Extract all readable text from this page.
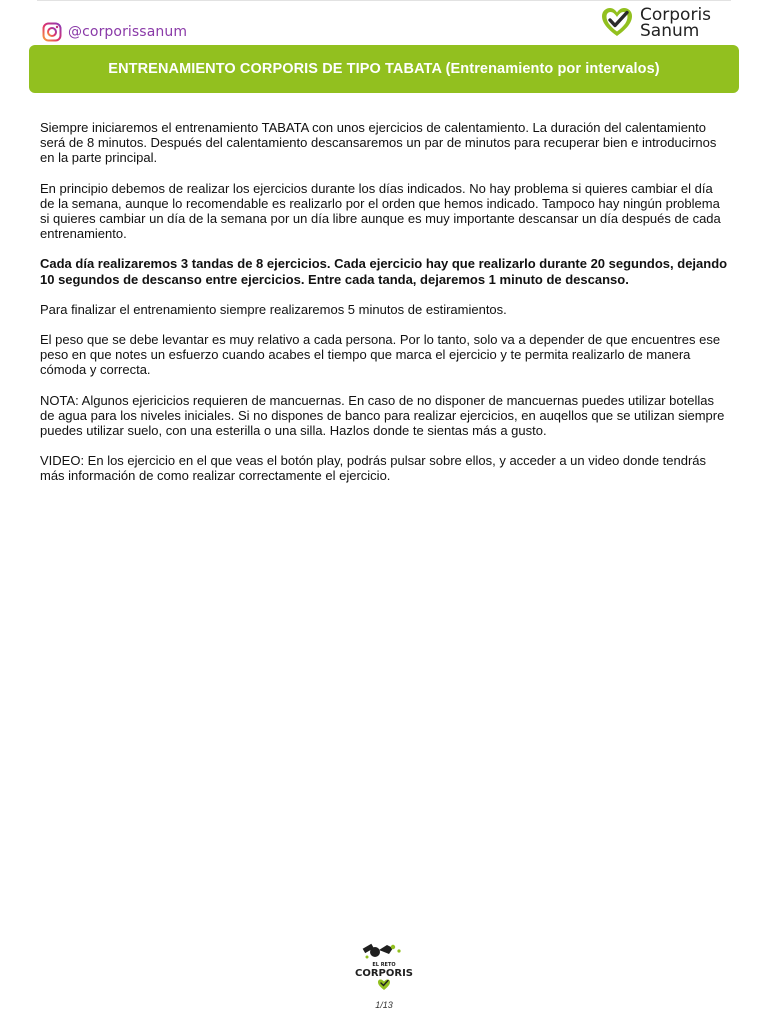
@corporissanum
Corporis
Sanum
ENTRENAMIENTO CORPORIS DE TIPO TABATA (Entrenamiento por intervalos)

Siempre iniciaremos el entrenamiento TABATA con unos ejercicios de calentamiento. La duración del calentamiento será de 8 minutos. Después del calentamiento descansaremos un par de minutos para recuperar bien e introducirnos en la parte principal.

En principio debemos de realizar los ejercicios durante los días indicados. No hay problema si quieres cambiar el día de la semana, aunque lo recomendable es realizarlo por el orden que hemos indicado. Tampoco hay ningún problema si quieres cambiar un día de la semana por un día libre aunque es muy importante descansar un día después de cada entrenamiento.

Cada día realizaremos 3 tandas de 8 ejercicios. Cada ejercicio hay que realizarlo durante 20 segundos, dejando 10 segundos de descanso entre ejercicios. Entre cada tanda, dejaremos 1 minuto de descanso.

Para finalizar el entrenamiento siempre realizaremos 5 minutos de estiramientos.

El peso que se debe levantar es muy relativo a cada persona. Por lo tanto, solo va a depender de que encuentres ese peso en que notes un esfuerzo cuando acabes el tiempo que marca el ejercicio y te permita realizarlo de manera cómoda y correcta.

NOTA: Algunos ejericicios requieren de mancuernas. En caso de no disponer de mancuernas puedes utilizar botellas de agua para los niveles iniciales. Si no dispones de banco para realizar ejercicios, en auqellos que se utilizan siempre puedes utilizar suelo, con una esterilla o una silla. Hazlos donde te sientas más a gusto.

VIDEO: En los ejercicio en el que veas el botón play, podrás pulsar sobre ellos, y acceder a un video donde tendrás más información de como realizar correctamente el ejercicio.

EL RETO
CORPORIS
1/13
